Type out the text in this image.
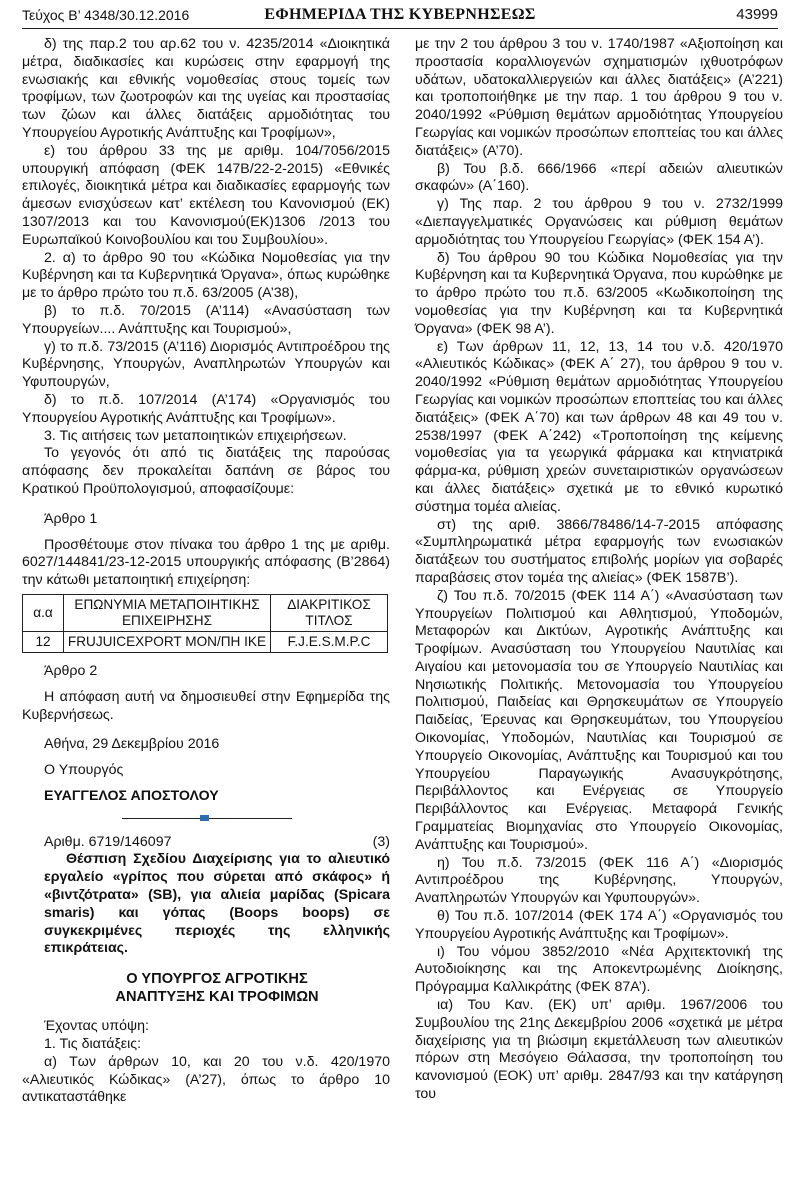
Τεύχος Β’ 4348/30.12.2016	ΕΦΗΜΕΡΙΔΑ ΤΗΣ ΚΥΒΕΡΝΗΣΕΩΣ	43999

δ) της παρ.2 του αρ.62 του ν. 4235/2014 «Διοικητικά μέτρα, διαδικασίες και κυρώσεις στην εφαρμογή της ενωσιακής και εθνικής νομοθεσίας στους τομείς των τροφίμων, των ζωοτροφών και της υγείας και προστασίας των ζώων και άλλες διατάξεις αρμοδιότητας του Υπουργείου Αγροτικής Ανάπτυξης και Τροφίμων»,

ε) του άρθρου 33 της με αριθμ. 104/7056/2015 υπουργική απόφαση (ΦΕΚ 147Β/22-2-2015) «Εθνικές επιλογές, διοικητικά μέτρα και διαδικασίες εφαρμογής των άμεσων ενισχύσεων κατ’ εκτέλεση του Κανονισμού (ΕΚ) 1307/2013 και του Κανονισμού(ΕΚ)1306 /2013 του Ευρωπαϊκού Κοινοβουλίου και του Συμβουλίου».

2. α) το άρθρο 90 του «Κώδικα Νομοθεσίας για την Κυβέρνηση και τα Κυβερνητικά Όργανα», όπως κυρώθηκε με το άρθρο πρώτο του π.δ. 63/2005 (Α’38),

β) το π.δ. 70/2015 (Α’114) «Ανασύσταση των Υπουργείων.... Ανάπτυξης και Τουρισμού»,

γ) το π.δ. 73/2015 (Α’116) Διορισμός Αντιπροέδρου της Κυβέρνησης, Υπουργών, Αναπληρωτών Υπουργών και Υφυπουργών,

δ) το π.δ. 107/2014 (Α’174) «Οργανισμός του Υπουργείου Αγροτικής Ανάπτυξης και Τροφίμων».

3. Τις αιτήσεις των μεταποιητικών επιχειρήσεων.

Το γεγονός ότι από τις διατάξεις της παρούσας απόφασης δεν προκαλείται δαπάνη σε βάρος του Κρατικού Προϋπολογισμού, αποφασίζουμε:

Άρθρο 1

Προσθέτουμε στον πίνακα του άρθρο 1 της με αριθμ. 6027/144841/23-12-2015 υπουργικής απόφασης (Β’2864) την κάτωθι μεταποιητική επιχείρηση:

α.α	ΕΠΩΝΥΜΙΑ ΜΕΤΑΠΟΙΗΤΙΚΗΣ ΕΠΙΧΕΙΡΗΣΗΣ	ΔΙΑΚΡΙΤΙΚΟΣ ΤΙΤΛΟΣ
12	FRUJUICEXPORT ΜΟΝ/ΠΗ ΙΚΕ	F.J.E.S.M.P.C

Άρθρο 2

Η απόφαση αυτή να δημοσιευθεί στην Εφημερίδα της Κυβερνήσεως.

Αθήνα, 29 Δεκεμβρίου 2016

Ο Υπουργός

ΕΥΑΓΓΕΛΟΣ ΑΠΟΣΤΟΛΟΥ

Αριθμ. 6719/146097	(3)

Θέσπιση Σχεδίου Διαχείρισης για το αλιευτικό εργαλείο «γρίπος που σύρεται από σκάφος» ή «βιντζότρατα» (SB), για αλιεία μαρίδας (Spicara smaris) και γόπας (Boops boops) σε συγκεκριμένες περιοχές της ελληνικής επικράτειας.

Ο ΥΠΟΥΡΓΟΣ ΑΓΡΟΤΙΚΗΣ

ΑΝΑΠΤΥΞΗΣ ΚΑΙ ΤΡΟΦΙΜΩΝ

Έχοντας υπόψη:

1. Τις διατάξεις:

α) Των άρθρων 10, και 20 του ν.δ. 420/1970 «Αλιευτικός Κώδικας» (Α’27), όπως το άρθρο 10 αντικαταστάθηκε

με την 2 του άρθρου 3 του ν. 1740/1987 «Αξιοποίηση και προστασία κοραλλιογενών σχηματισμών ιχθυοτρόφων υδάτων, υδατοκαλλιεργειών και άλλες διατάξεις» (Α’221) και τροποποιήθηκε με την παρ. 1 του άρθρου 9 του ν. 2040/1992 «Ρύθμιση θεμάτων αρμοδιότητας Υπουργείου Γεωργίας και νομικών προσώπων εποπτείας του και άλλες διατάξεις» (Α’70).

β) Του β.δ. 666/1966 «περί αδειών αλιευτικών σκαφών» (Α΄160).

γ) Της παρ. 2 του άρθρου 9 του ν. 2732/1999 «Διεπαγγελματικές Οργανώσεις και ρύθμιση θεμάτων αρμοδιότητας του Υπουργείου Γεωργίας» (ΦΕΚ 154 Α’).

δ) Του άρθρου 90 του Κώδικα Νομοθεσίας για την Κυβέρνηση και τα Κυβερνητικά Όργανα, που κυρώθηκε με το άρθρο πρώτο του π.δ. 63/2005 «Κωδικοποίηση της νομοθεσίας για την Κυβέρνηση και τα Κυβερνητικά Όργανα» (ΦΕΚ 98 Α’).

ε) Των άρθρων 11, 12, 13, 14 του ν.δ. 420/1970 «Αλιευτικός Κώδικας» (ΦΕΚ Α΄ 27), του άρθρου 9 του ν. 2040/1992 «Ρύθμιση θεμάτων αρμοδιότητας Υπουργείου Γεωργίας και νομικών προσώπων εποπτείας του και άλλες διατάξεις» (ΦΕΚ Α΄70) και των άρθρων 48 και 49 του ν. 2538/1997 (ΦΕΚ Α΄242) «Τροποποίηση της κείμενης νομοθεσίας για τα γεωργικά φάρμακα και κτηνιατρικά φάρμα-κα, ρύθμιση χρεών συνεταιριστικών οργανώσεων και άλλες διατάξεις» σχετικά με το εθνικό κυρωτικό σύστημα τομέα αλιείας.

στ) της αριθ. 3866/78486/14-7-2015 απόφασης «Συμπληρωματικά μέτρα εφαρμογής των ενωσιακών διατάξεων του συστήματος επιβολής μορίων για σοβαρές παραβάσεις στον τομέα της αλιείας» (ΦΕΚ 1587Β’).

ζ) Του π.δ. 70/2015 (ΦΕΚ 114 Α΄) «Ανασύσταση των Υπουργείων Πολιτισμού και Αθλητισμού, Υποδομών, Μεταφορών και Δικτύων, Αγροτικής Ανάπτυξης και Τροφίμων. Ανασύσταση του Υπουργείου Ναυτιλίας και Αιγαίου και μετονομασία του σε Υπουργείο Ναυτιλίας και Νησιωτικής Πολιτικής. Μετονομασία του Υπουργείου Πολιτισμού, Παιδείας και Θρησκευμάτων σε Υπουργείο Παιδείας, Έρευνας και Θρησκευμάτων, του Υπουργείου Οικονομίας, Υποδομών, Ναυτιλίας και Τουρισμού σε Υπουργείο Οικονομίας, Ανάπτυξης και Τουρισμού και του Υπουργείου Παραγωγικής Ανασυγκρότησης, Περιβάλλοντος και Ενέργειας σε Υπουργείο Περιβάλλοντος και Ενέργειας. Μεταφορά Γενικής Γραμματείας Βιομηχανίας στο Υπουργείο Οικονομίας, Ανάπτυξης και Τουρισμού».

η) Του π.δ. 73/2015 (ΦΕΚ 116 Α΄) «Διορισμός Αντιπροέδρου της Κυβέρνησης, Υπουργών, Αναπληρωτών Υπουργών και Υφυπουργών».

θ) Του π.δ. 107/2014 (ΦΕΚ 174 Α΄) «Οργανισμός του Υπουργείου Αγροτικής Ανάπτυξης και Τροφίμων».

ι) Του νόμου 3852/2010 «Νέα Αρχιτεκτονική της Αυτοδιοίκησης και της Αποκεντρωμένης Διοίκησης, Πρόγραμμα Καλλικράτης (ΦΕΚ 87Α’).

ια) Του Καν. (ΕΚ) υπ’ αριθμ. 1967/2006 του Συμβουλίου της 21ης Δεκεμβρίου 2006 «σχετικά με μέτρα διαχείρισης για τη βιώσιμη εκμετάλλευση των αλιευτικών πόρων στη Μεσόγειο Θάλασσα, την τροποποίηση του κανονισμού (ΕΟΚ) υπ’ αριθμ. 2847/93 και την κατάργηση του
